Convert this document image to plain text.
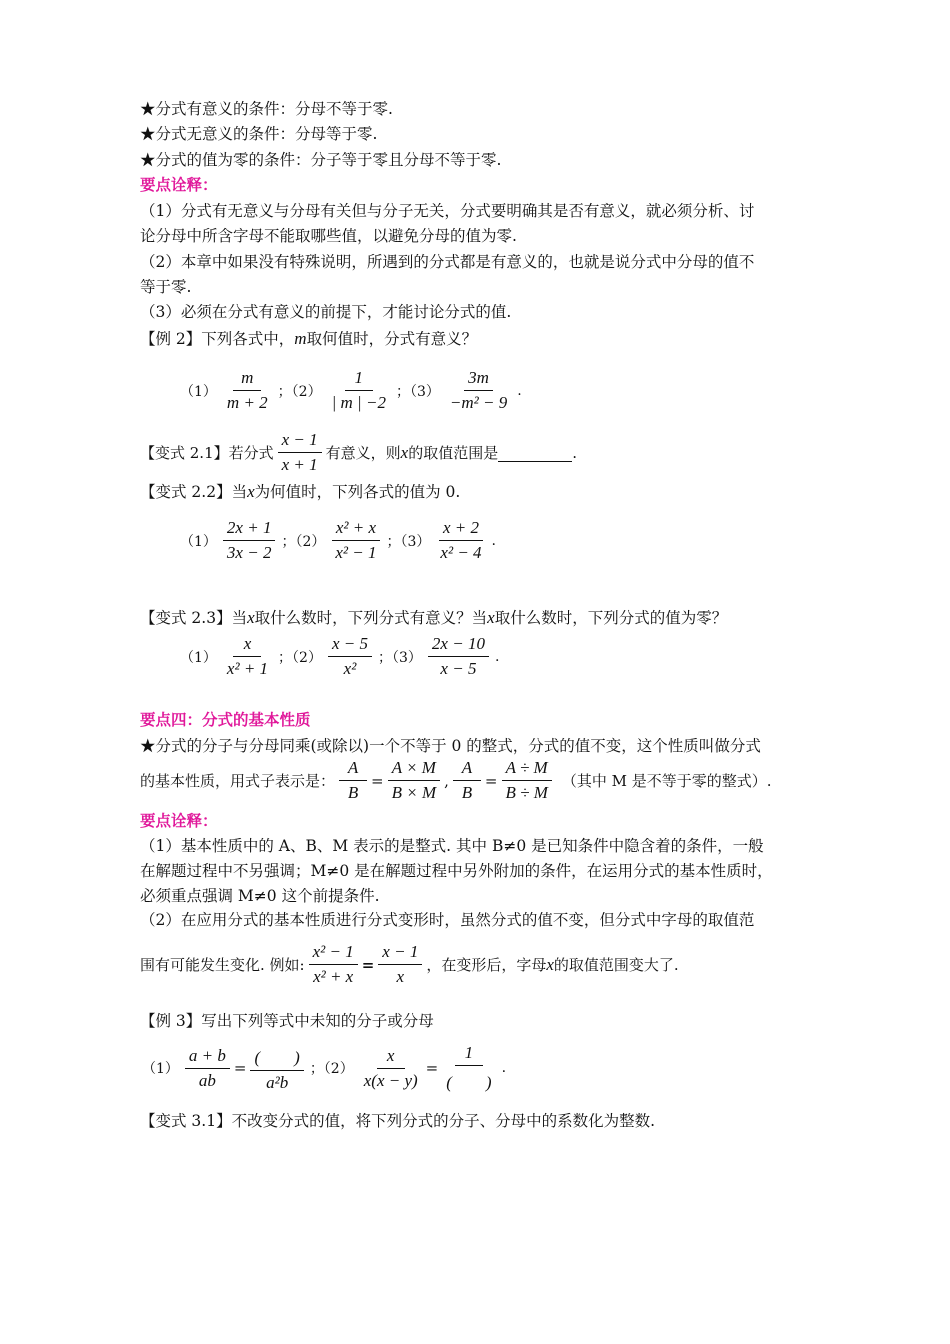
★分式有意义的条件：分母不等于零.
★分式无意义的条件：分母等于零.
★分式的值为零的条件：分子等于零且分母不等于零.
要点诠释：
（1）分式有无意义与分母有关但与分子无关，分式要明确其是否有意义，就必须分析、讨
论分母中所含字母不能取哪些值，以避免分母的值为零.
（2）本章中如果没有特殊说明，所遇到的分式都是有意义的，也就是说分式中分母的值不
等于零.
（3）必须在分式有意义的前提下，才能讨论分式的值.
【例 2】下列各式中，m取何值时，分式有意义？
$(1) \frac{m}{m + 2}$ ；$(2) \frac{1}{| m | -2}$ ；$(3) \frac{3m}{\text{−m² − 9}}$ .
【变式 2.1】若分式 $\frac{x - 1}{x + 1}$ 有意义，则 x 的取值范围是	.
【变式 2.2】当x为何值时，下列各式的值为 0.
$(1) \frac{2x + 1}{3x - 2}$ ；$(2) \frac{\text{x² + x}}{\text{x² − 1}}$ ；$(3) \frac{x + 2}{\text{x² − 4}}$ .
【变式 2.3】当x取什么数时，下列分式有意义？当x取什么数时，下列分式的值为零？
$(1) \frac{x}{\text{x² + 1}}$ ；$(2) \frac{x - 5}{\text{x²}}$ ；$(3) \frac{2x - 10}{x - 5}$ .
要点四：分式的基本性质
★分式的分子与分母同乘(或除以)一个不等于 0 的整式，分式的值不变，这个性质叫做分式
的基本性质，用式子表示是： $\frac{A}{B} = \frac{A \times M}{B \times M}$ , $\frac{A}{B} = \frac{A \div M}{B \div M}$ （其中 M 是不等于零的整式）.
要点诠释：
（1）基本性质中的 A、B、M 表示的是整式. 其中 B≠0 是已知条件中隐含着的条件，一般
在解题过程中不另强调；M≠0 是在解题过程中另外附加的条件，在运用分式的基本性质时，
必须重点强调 M≠0 这个前提条件.
（2）在应用分式的基本性质进行分式变形时，虽然分式的值不变，但分式中字母的取值范
围有可能发生变化. 例如: $\frac{\text{x² − 1}}{\text{x² + x}} = \frac{x - 1}{x}$ ，在变形后，字母 x 的取值范围变大了.
【例 3】写出下列等式中未知的分子或分母
$(1) \frac{a + b}{ab} = \frac{( )}{\text{a²b}}$ ；$(2) \frac{x}{x(x - y)} = \frac{1}{( )}$ .
【变式 3.1】不改变分式的值，将下列分式的分子、分母中的系数化为整数.
